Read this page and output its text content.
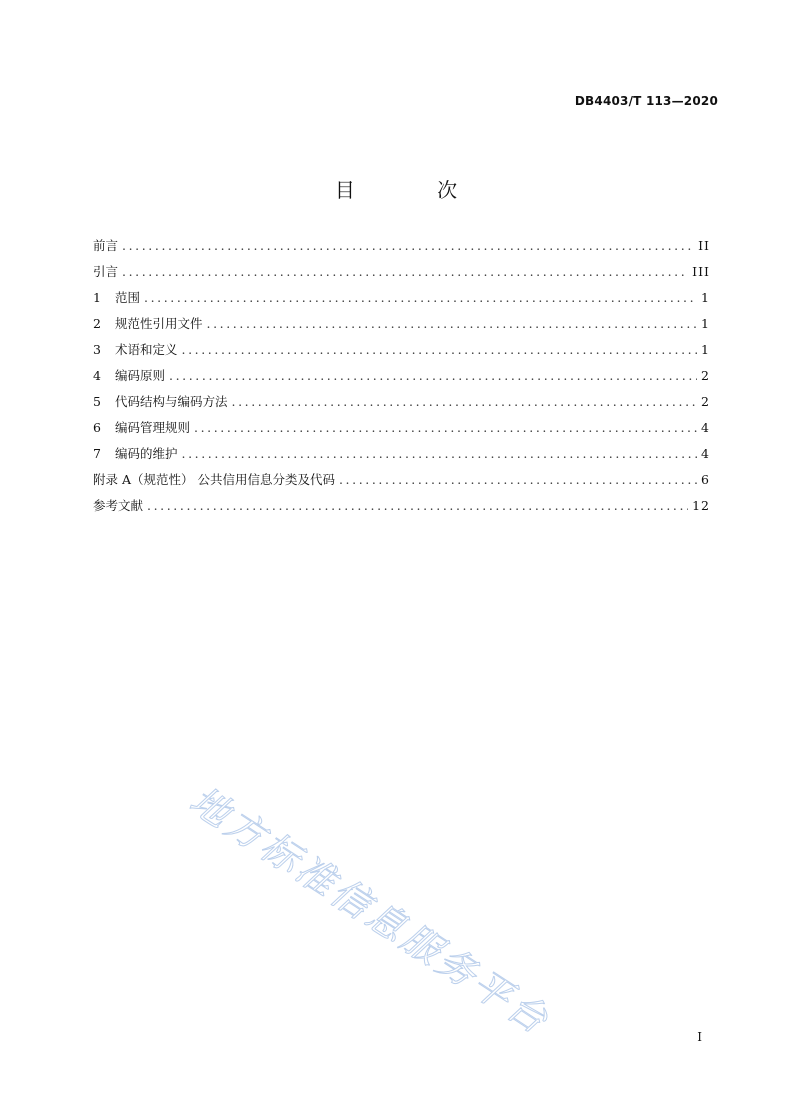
DB4403/T 113—2020
目 次
前言 .....	II
引言 .....	III
1	范围 .....	1
2	规范性引用文件 .....	1
3	术语和定义 .....	1
4	编码原则 .....	2
5	代码结构与编码方法 .....	2
6	编码管理规则 .....	4
7	编码的维护 .....	4
附录 A（规范性） 公共信用信息分类及代码 .....	6
参考文献 .....	12
地方标准信息服务平台	I
